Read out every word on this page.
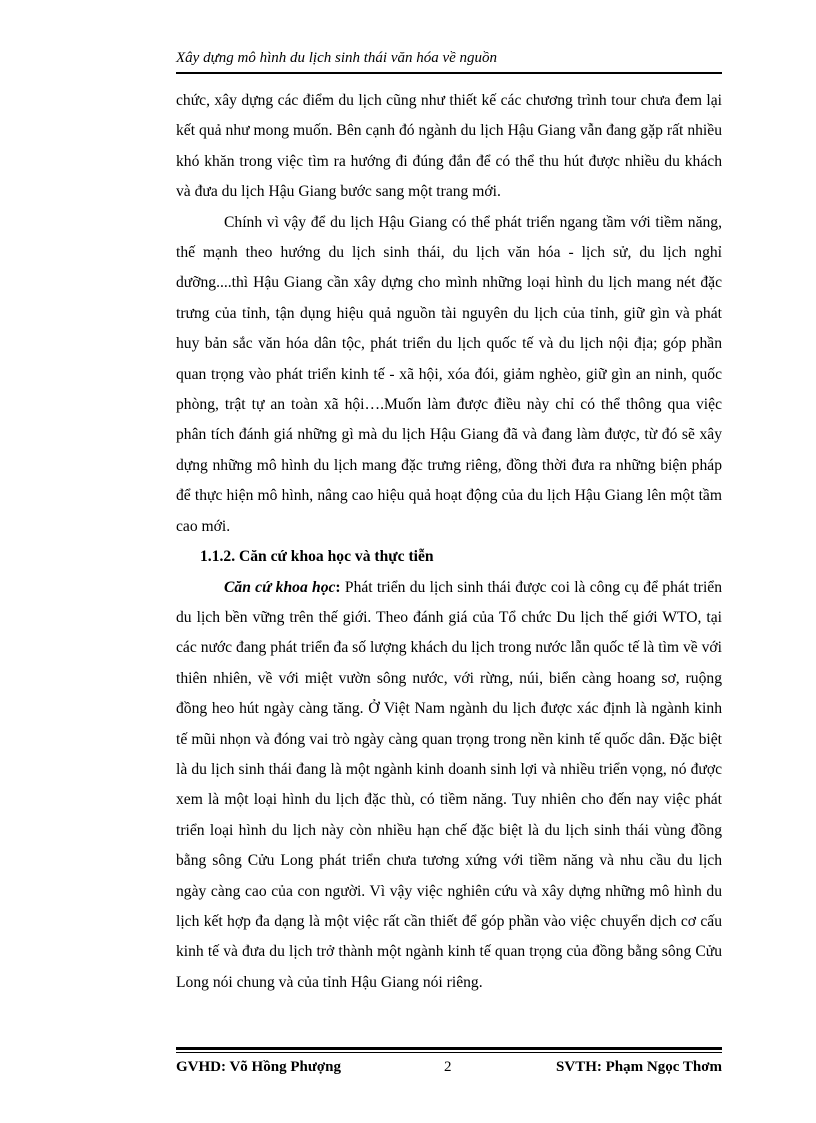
Xây dựng mô hình du lịch sinh thái văn hóa về nguồn

chức, xây dựng các điểm du lịch cũng như thiết kế các chương trình tour chưa đem lại kết quả như mong muốn. Bên cạnh đó ngành du lịch Hậu Giang vẫn đang gặp rất nhiều khó khăn trong việc tìm ra hướng đi đúng đắn để có thể thu hút được nhiều du khách và đưa du lịch Hậu Giang bước sang một trang mới.

Chính vì vậy để du lịch Hậu Giang có thể phát triển ngang tầm với tiềm năng, thế mạnh theo hướng du lịch sinh thái, du lịch văn hóa - lịch sử, du lịch nghỉ dưỡng....thì Hậu Giang cần xây dựng cho mình những loại hình du lịch mang nét đặc trưng của tỉnh, tận dụng hiệu quả nguồn tài nguyên du lịch của tỉnh, giữ gìn và phát huy bản sắc văn hóa dân tộc, phát triển du lịch quốc tế và du lịch nội địa; góp phần quan trọng vào phát triển kinh tế - xã hội, xóa đói, giảm nghèo, giữ gìn an ninh, quốc phòng, trật tự an toàn xã hội….Muốn làm được điều này chỉ có thể thông qua việc phân tích đánh giá những gì mà du lịch Hậu Giang đã và đang làm được, từ đó sẽ xây dựng những mô hình du lịch mang đặc trưng riêng, đồng thời đưa ra những biện pháp để thực hiện mô hình, nâng cao hiệu quả hoạt động của du lịch Hậu Giang lên một tầm cao mới.

1.1.2. Căn cứ khoa học và thực tiễn

Căn cứ khoa học: Phát triển du lịch sinh thái được coi là công cụ để phát triển du lịch bền vững trên thế giới. Theo đánh giá của Tổ chức Du lịch thế giới WTO, tại các nước đang phát triển đa số lượng khách du lịch trong nước lẫn quốc tế là tìm về với thiên nhiên, về với miệt vườn sông nước, với rừng, núi, biển càng hoang sơ, ruộng đồng heo hút ngày càng tăng. Ở Việt Nam ngành du lịch được xác định là ngành kinh tế mũi nhọn và đóng vai trò ngày càng quan trọng trong nền kinh tế quốc dân. Đặc biệt là du lịch sinh thái đang là một ngành kinh doanh sinh lợi và nhiều triển vọng, nó được xem là một loại hình du lịch đặc thù, có tiềm năng. Tuy nhiên cho đến nay việc phát triển loại hình du lịch này còn nhiều hạn chế đặc biệt là du lịch sinh thái vùng đồng bằng sông Cửu Long phát triển chưa tương xứng với tiềm năng và nhu cầu du lịch ngày càng cao của con người. Vì vậy việc nghiên cứu và xây dựng những mô hình du lịch kết hợp đa dạng là một việc rất cần thiết để góp phần vào việc chuyển dịch cơ cấu kinh tế và đưa du lịch trở thành một ngành kinh tế quan trọng của đồng bằng sông Cửu Long nói chung và của tỉnh Hậu Giang nói riêng.

GVHD: Võ Hồng Phượng	2	SVTH: Phạm Ngọc Thơm
